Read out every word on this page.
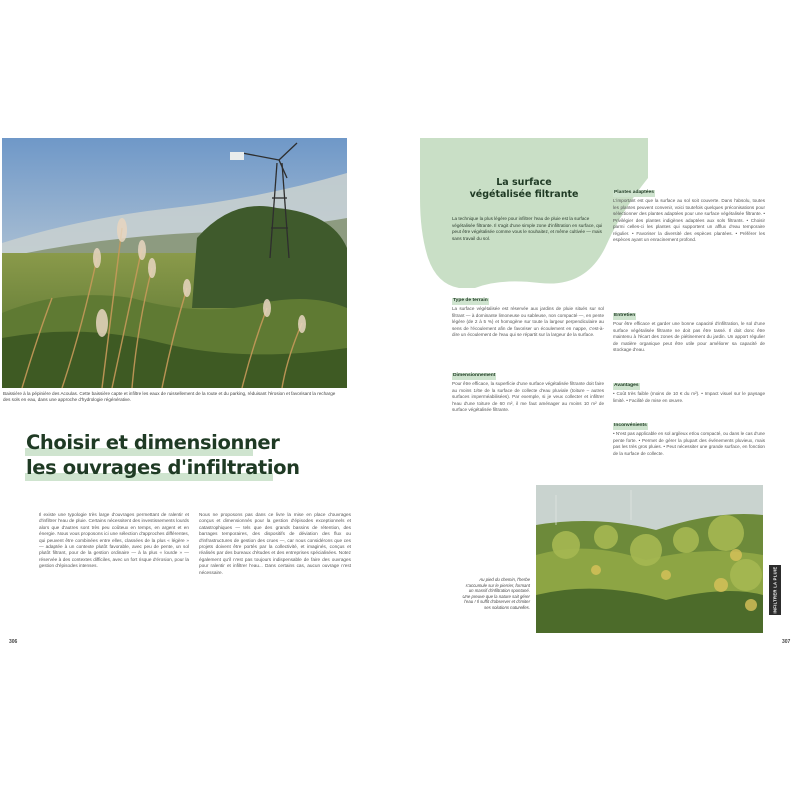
Baissière à la pépinière des Acoulas. Cette baissière capte et infiltre les eaux de ruissellement de la route et du parking, réduisant l'érosion et favorisant la recharge des sols en eau, dans une approche d'hydrologie régénérative.
Choisir et dimensionner
les ouvrages d'infiltration

Il existe une typologie très large d'ouvrages permettant de ralentir et d'infiltrer l'eau de pluie. Certains nécessitent des investissements lourds alors que d'autres sont très peu coûteux en temps, en argent et en énergie. Nous vous proposons ici une sélection d'approches différentes, qui peuvent être combinées entre elles, classées de la plus « légère » — adaptée à un contexte plutôt favorable, avec peu de pente, un sol plutôt filtrant, pour de la gestion ordinaire — à la plus « lourde » — réservée à des contextes difficiles, avec un fort risque d'érosion, pour la gestion d'épisodes intenses.

Nous ne proposons pas dans ce livre la mise en place d'ouvrages conçus et dimensionnés pour la gestion d'épisodes exceptionnels et catastrophiques — tels que des grands bassins de rétention, des barrages temporaires, des dispositifs de déviation des flux ou d'infrastructures de gestion des crues —, car nous considérons que ces projets doivent être portés par la collectivité, et imaginés, conçus et réalisés par des bureaux d'études et des entreprises spécialisées. Notez également qu'il n'est pas toujours indispensable de faire des ouvrages pour ralentir et infiltrer l'eau... Dans certains cas, aucun ouvrage n'est nécessaire.

306
La surface
végétalisée filtrante

La technique la plus légère pour infiltrer l'eau de pluie est la surface végétalisée filtrante. Il s'agit d'une simple zone d'infiltration en surface, qui peut être végétalisée comme vous le souhaitez, et même cultivée — mais sans travail du sol.

Type de terrain

La surface végétalisée est réservée aux jardins de pluie situés sur sol filtrant — à dominante limoneuse ou sableuse, non compacté —, en pente légère (de 2 à 5 %) et homogène sur toute la largeur perpendiculaire au sens de l'écoulement afin de favoriser un écoulement en nappe, c'est-à-dire un écoulement de l'eau qui se répartit sur la largeur de la surface.

Dimensionnement

Pour être efficace, la superficie d'une surface végétalisée filtrante doit faire au moins 1/6e de la surface de collecte d'eau pluviale (toiture – autres surfaces imperméabilisées). Par exemple, si je veux collecter et infiltrer l'eau d'une toiture de 60 m², il me faut aménager au moins 10 m² de surface végétalisée filtrante.

Plantes adaptées

L'important est que la surface au sol soit couverte. Dans l'absolu, toutes les plantes peuvent convenir, voici toutefois quelques préconisations pour sélectionner des plantes adaptées pour une surface végétalisée filtrante. • Privilégier des plantes indigènes adaptées aux sols filtrants. • Choisir parmi celles-ci les plantes qui supportent un afflux d'eau temporaire régulier. • Favoriser la diversité des espèces plantées. • Préférer les espèces ayant un enracinement profond.

Entretien

Pour être efficace et garder une bonne capacité d'infiltration, le sol d'une surface végétalisée filtrante ne doit pas être tassé. Il doit donc être maintenu à l'écart des zones de piétinement du jardin. Un apport régulier de matière organique peut être utile pour améliorer sa capacité de stockage d'eau.

Avantages

• Coût très faible (moins de 10 € du m²). • Impact visuel sur le paysage limité. • Facilité de mise en œuvre.

Inconvénients

• N'est pas applicable en sol argileux et/ou compacté, ou dans le cas d'une pente forte. • Permet de gérer la plupart des événements pluvieux, mais pas les très gros pluies. • Peut nécessiter une grande surface, en fonction de la surface de collecte.

Au pied du chemin, l'herbe s'accumule sur le pierrier, formant un massif d'infiltration spontané. Une preuve que la nature sait gérer l'eau ! Il suffit d'observer et d'imiter ses solutions naturelles.	INFILTRER LA PLUIE
307
